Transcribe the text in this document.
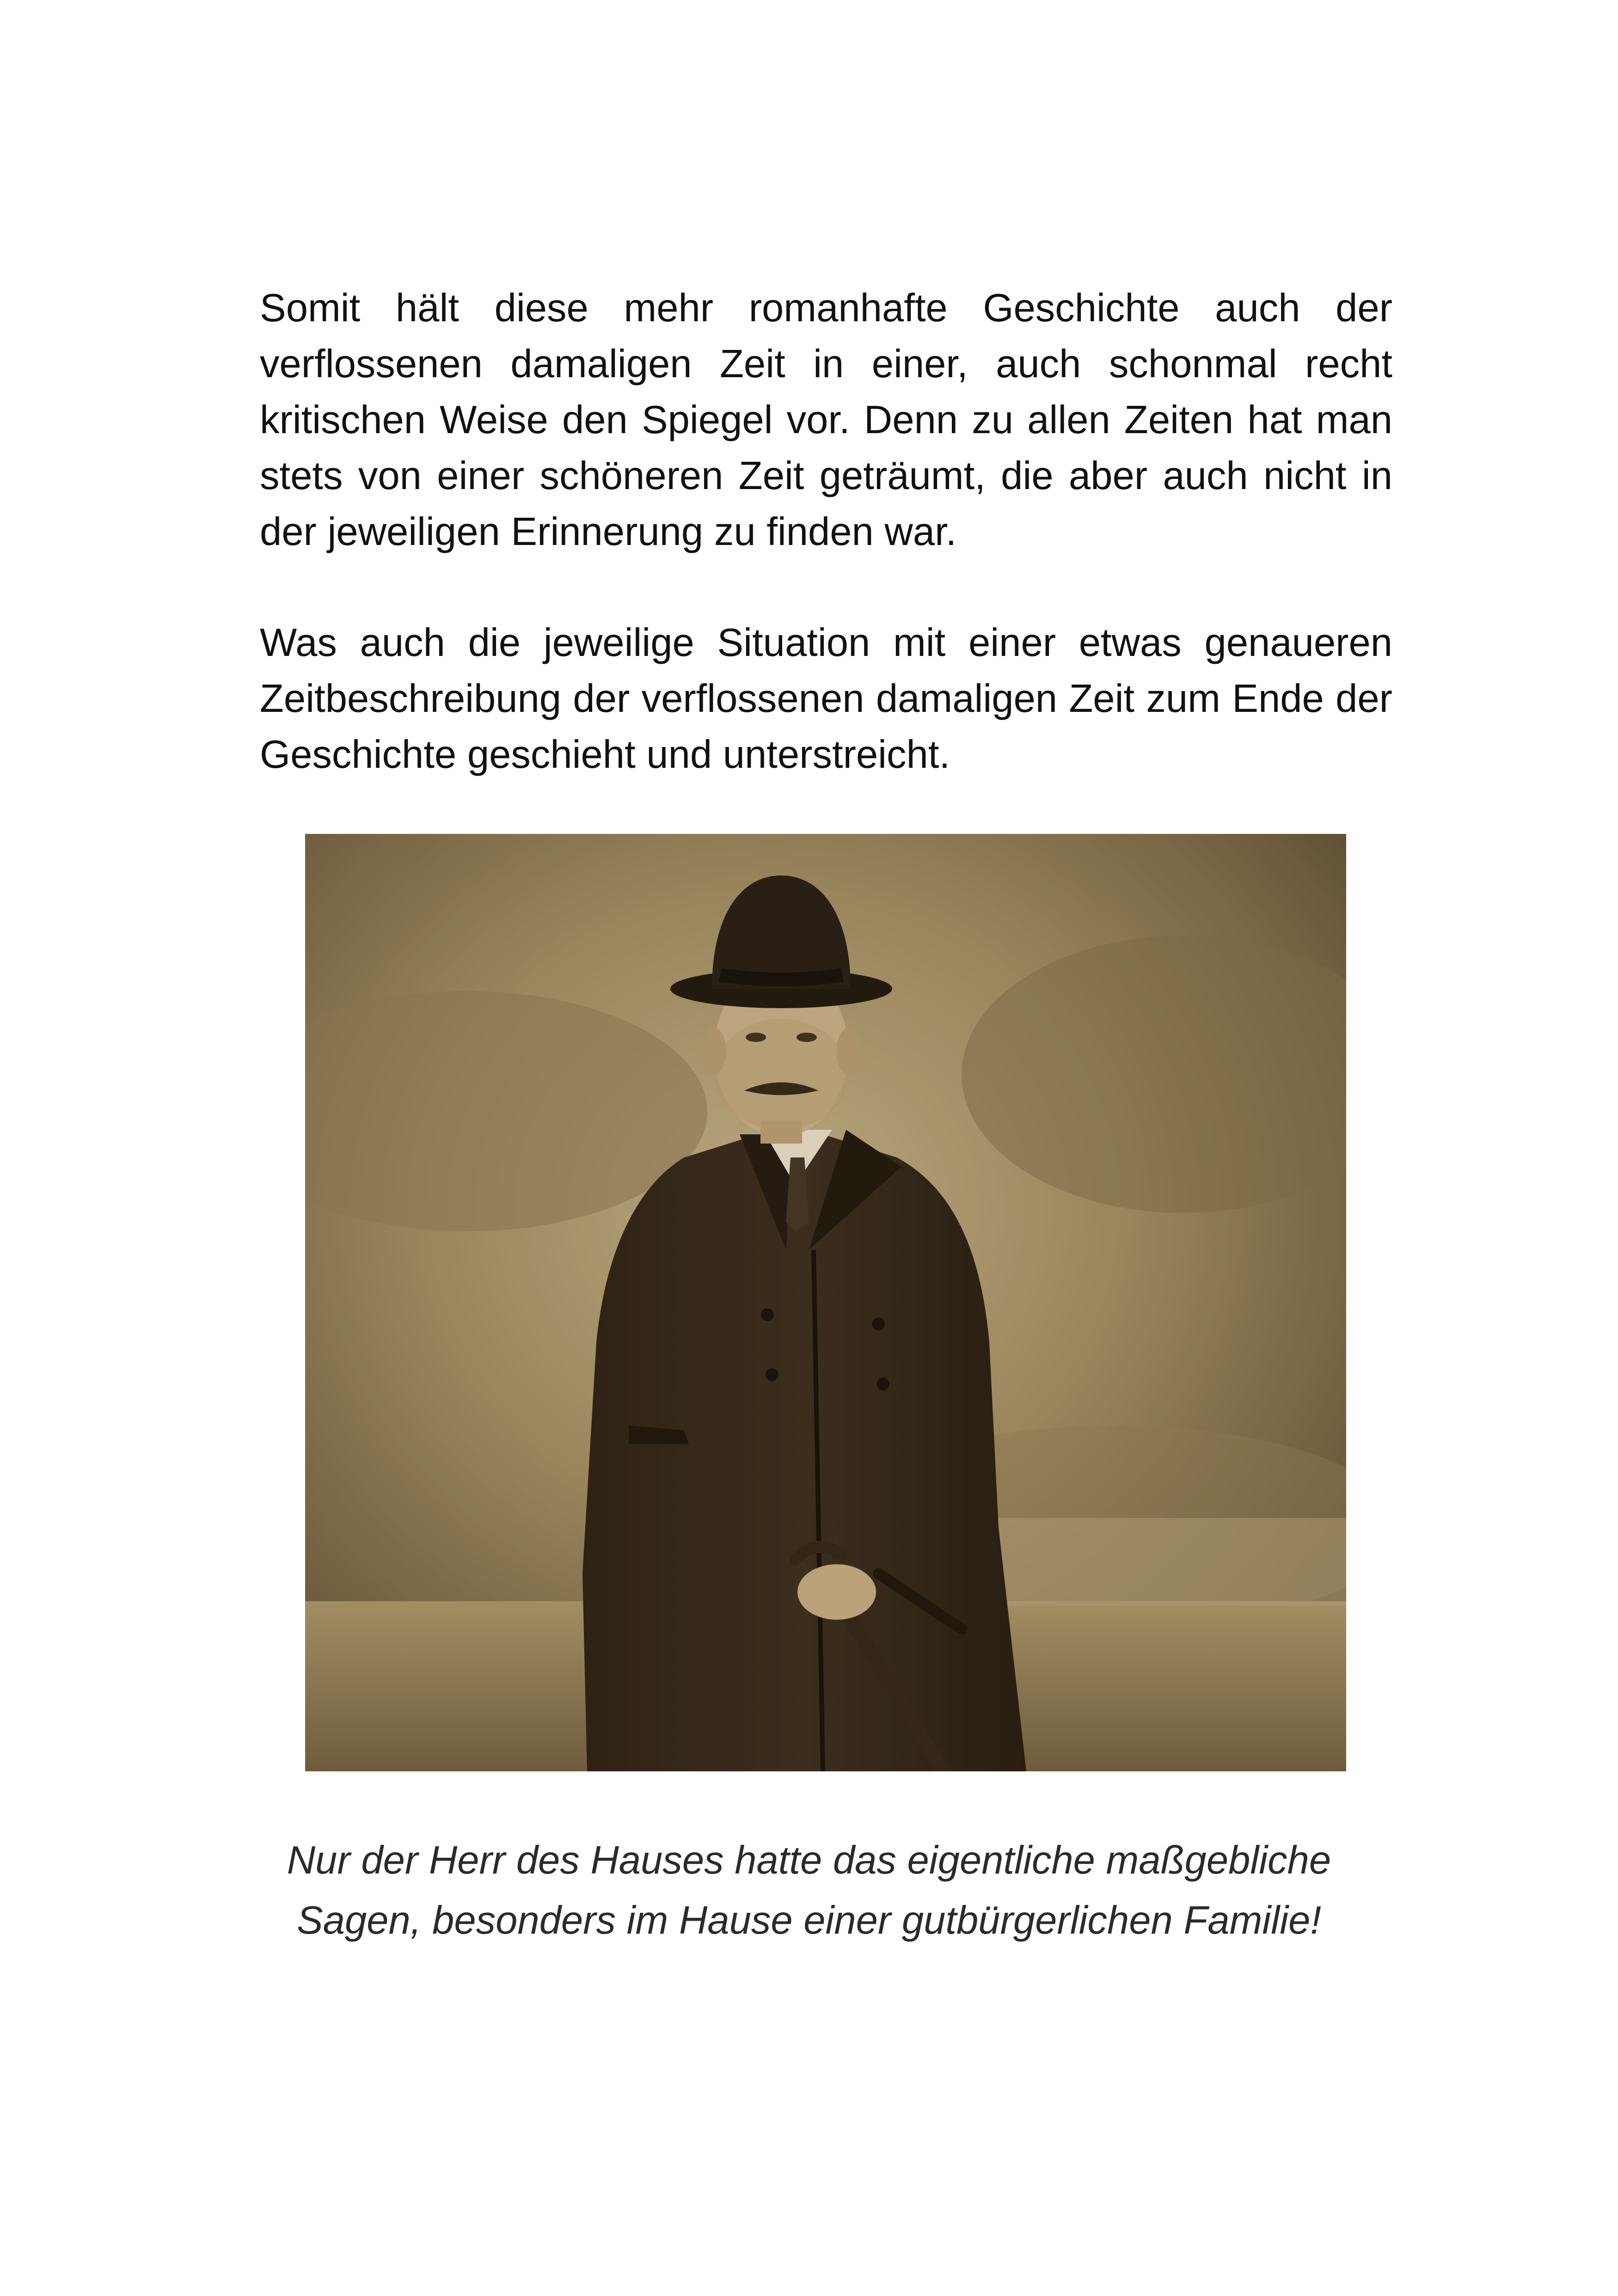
Somit hält diese mehr romanhafte Geschichte auch der verflossenen damaligen Zeit in einer, auch schonmal recht kritischen Weise den Spiegel vor. Denn zu allen Zeiten hat man stets von einer schöneren Zeit geträumt, die aber auch nicht in der jeweiligen Erinnerung zu finden war.

Was auch die jeweilige Situation mit einer etwas genaueren Zeitbeschreibung der verflossenen damaligen Zeit zum Ende der Geschichte geschieht und unterstreicht.

Nur der Herr des Hauses hatte das eigentliche maßgebliche
Sagen, besonders im Hause einer gutbürgerlichen Familie!
